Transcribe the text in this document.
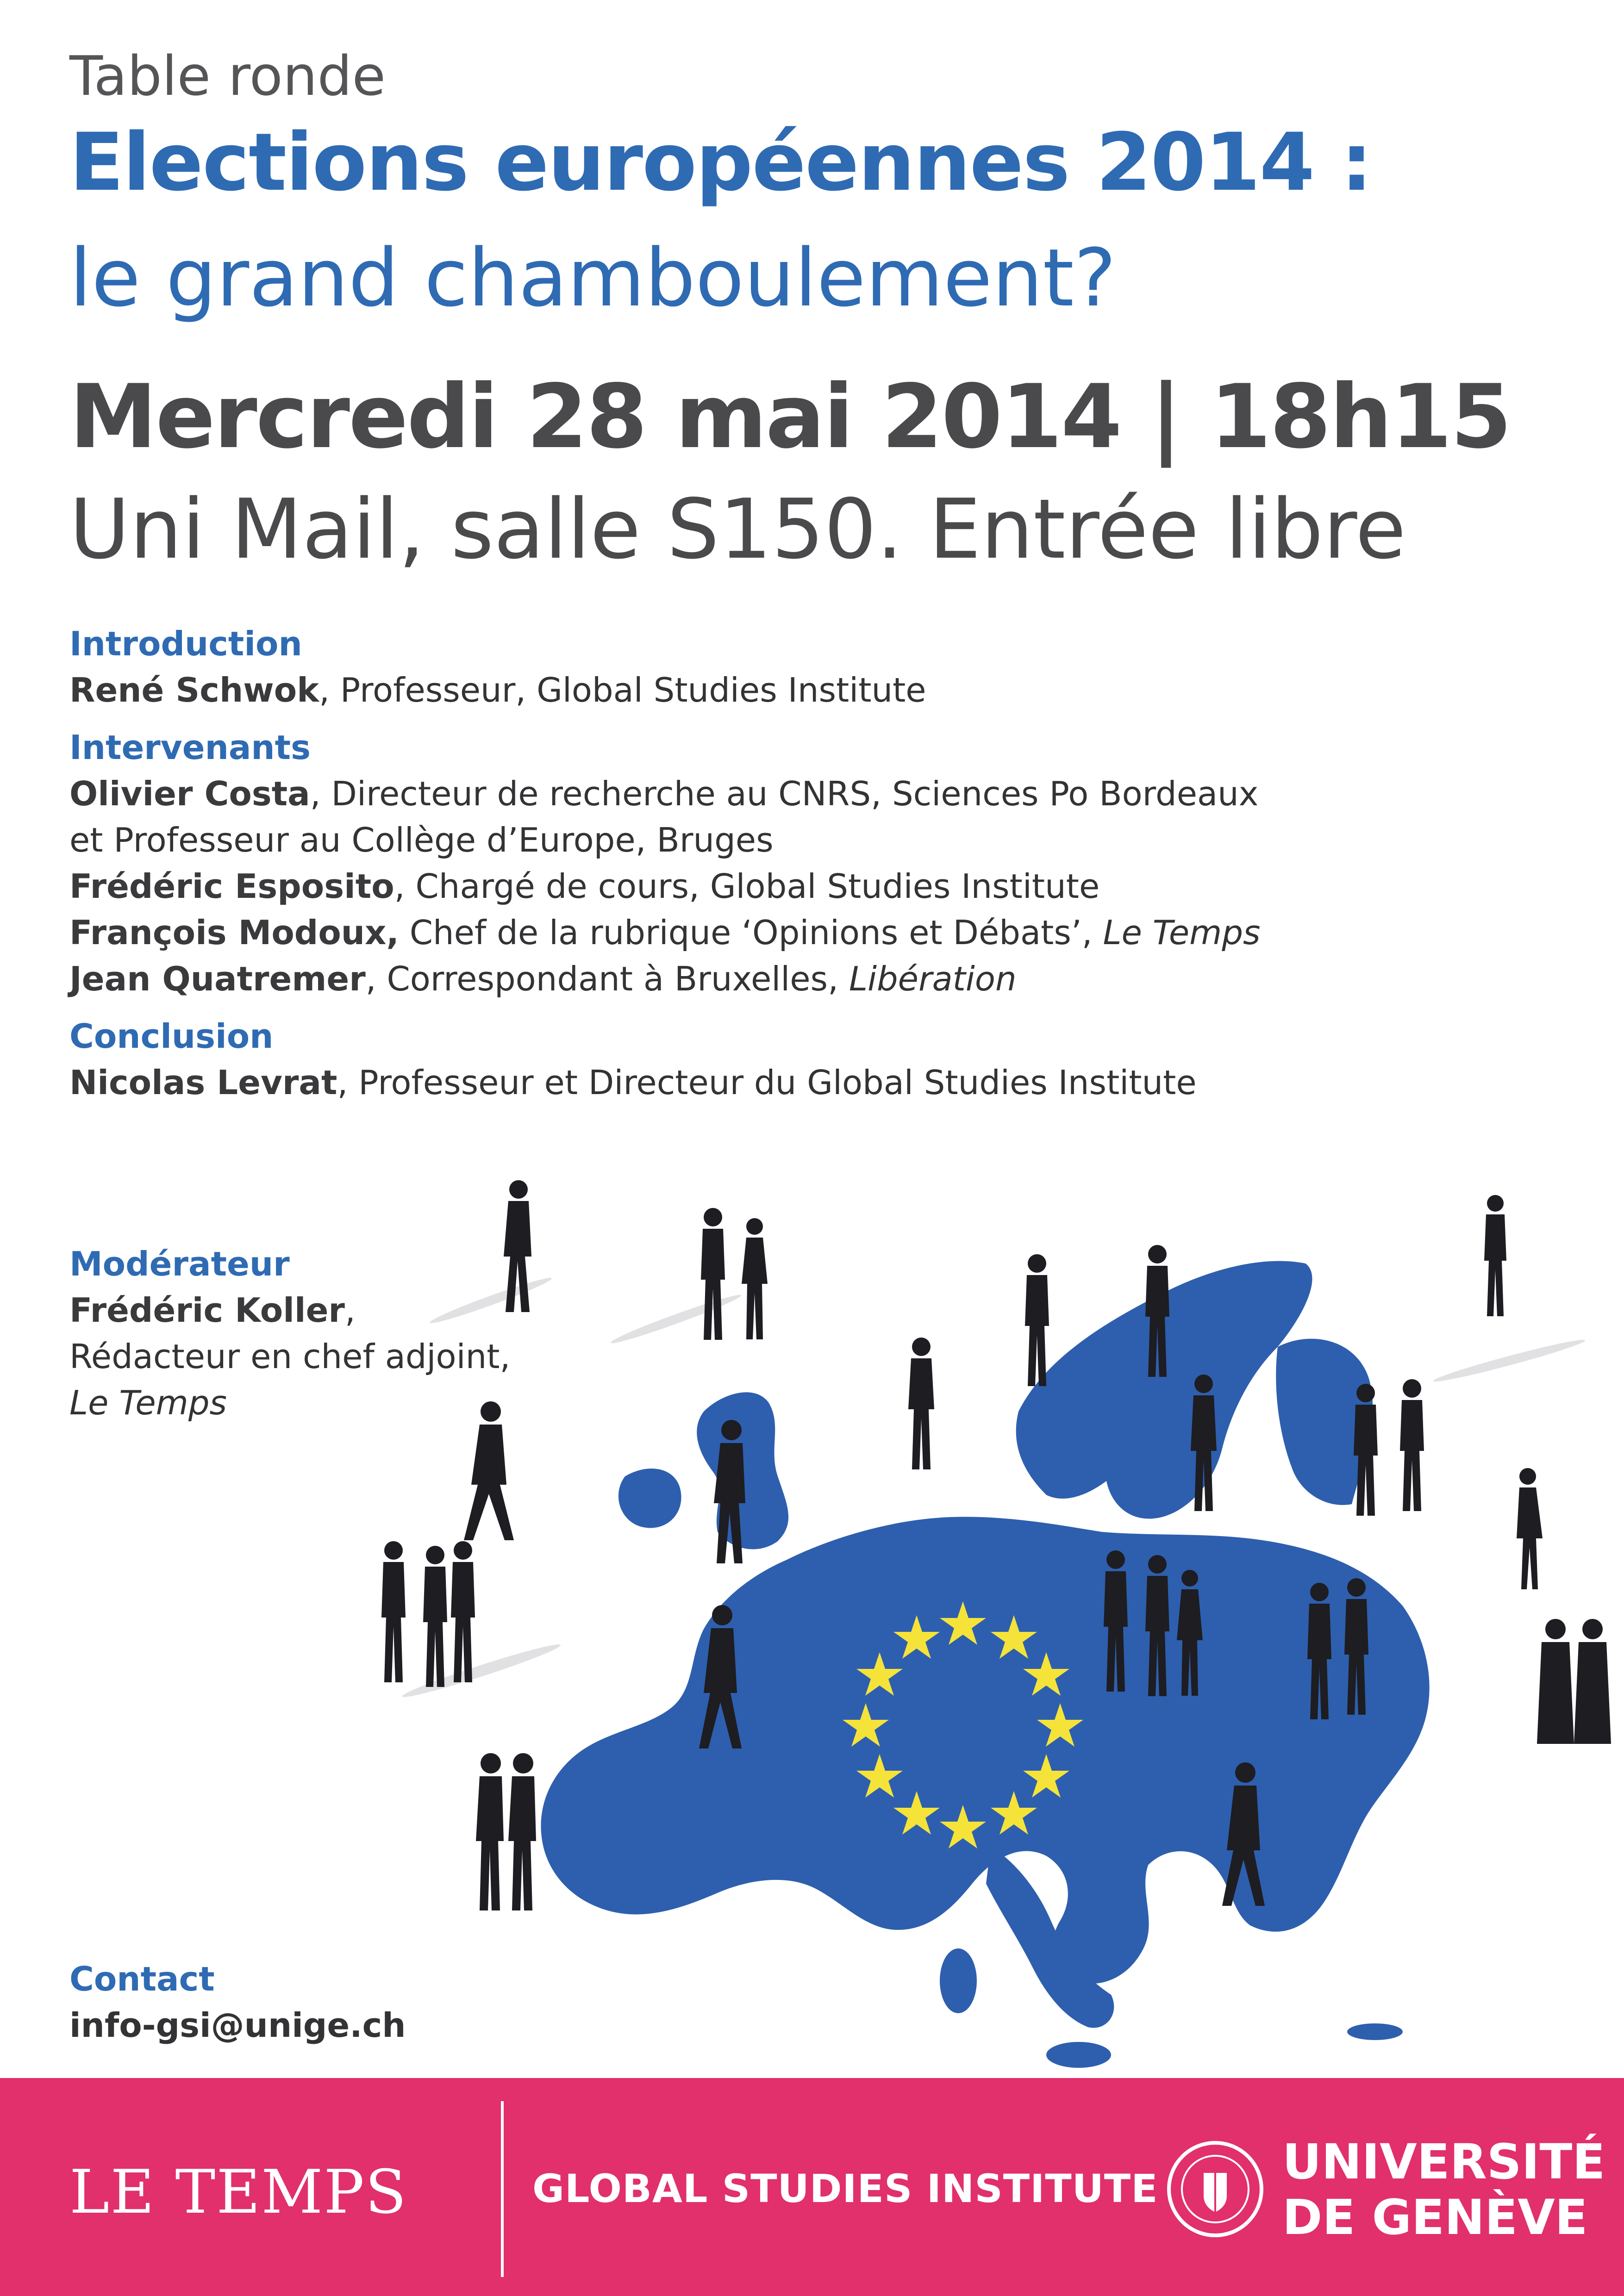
Table ronde
Elections européennes 2014 :
le grand chamboulement?
Mercredi 28 mai 2014 | 18h15
Uni Mail, salle S150. Entrée libre
Introduction
René Schwok, Professeur, Global Studies Institute
Intervenants
Olivier Costa, Directeur de recherche au CNRS, Sciences Po Bordeaux
et Professeur au Collège d’Europe, Bruges
Frédéric Esposito, Chargé de cours, Global Studies Institute
François Modoux, Chef de la rubrique ‘Opinions et Débats’, Le Temps
Jean Quatremer, Correspondant à Bruxelles, Libération
Conclusion
Nicolas Levrat, Professeur et Directeur du Global Studies Institute
Modérateur
Frédéric Koller,
Rédacteur en chef adjoint,
Le Temps
Contact
info-gsi@unige.ch
LE TEMPS	GLOBAL STUDIES INSTITUTE	UNIVERSITÉ
DE GENÈVE
